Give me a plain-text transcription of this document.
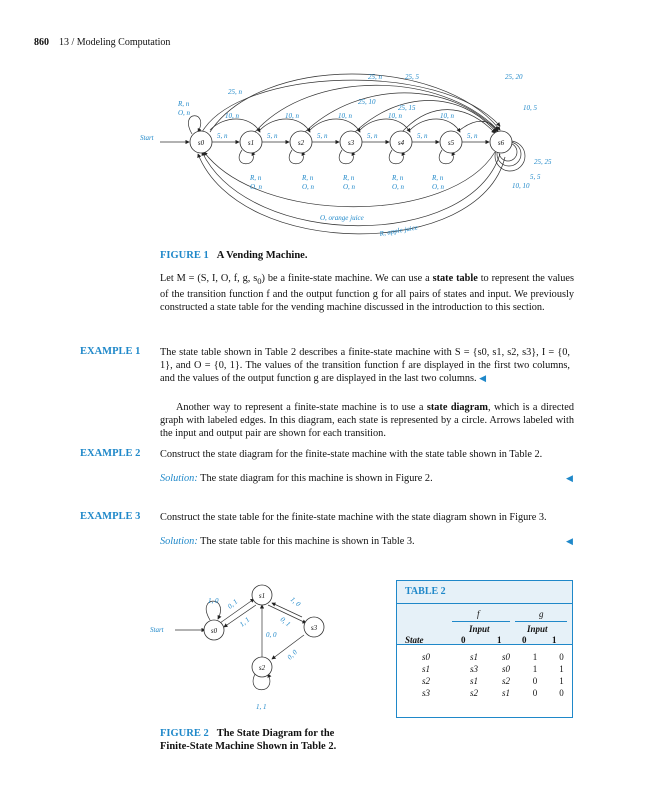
860 13 / Modeling Computation
s0	s1	s2	s3	s4	s5	s6
Start
25, n	25, 5	25, 20
25, n
25, 10
25, 15	10, 5
R, n
O, n	10, n	10, n	10, n	10, n	10, n
5, n	5, n	5, n	5, n	5, n	5, n
R, n
O, n
R, n
O, n
R, n
O, n
R, n
O, n
R, n
O, n
25, 25
5, 5
10, 10
O, orange juice
R, apple juice
FIGURE 1 A Vending Machine.
Let M = (S, I, O, f, g, $s_0$) be a finite-state machine. We can use a state table to represent the values of the transition function f and the output function g for all pairs of states and input. We previously constructed a state table for the vending machine discussed in the introduction to this section.
EXAMPLE 1 The state table shown in Table 2 describes a finite-state machine with S = {s0, s1, s2, s3}, I = {0, 1}, and O = {0, 1}. The values of the transition function f are displayed in the first two columns, and the values of the output function g are displayed in the last two columns. ◀
Another way to represent a finite-state machine is to use a state diagram, which is a directed graph with labeled edges. In this diagram, each state is represented by a circle. Arrows labeled with the input and output pair are shown for each transition.
EXAMPLE 2 Construct the state diagram for the finite-state machine with the state table shown in Table 2.
Solution: The state diagram for this machine is shown in Figure 2.	◀
EXAMPLE 3 Construct the state table for the finite-state machine with the state diagram shown in Figure 3.
Solution: The state table for this machine is shown in Table 3.	◀
s0
s1
s2
s3
Start
1, 0 0, 1
1, 1
0, 0
1, 0
0, 1
0, 0
1, 1
FIGURE 2 The State Diagram for the
Finite-State Machine Shown in Table 2.
TABLE 2
f	g
Input	Input
State	0	1 0	1
s0	s1	s0	1	0
s1	s3	s0	1	1
s2	s1	s2	0	1
s3	s2	s1	0	0
